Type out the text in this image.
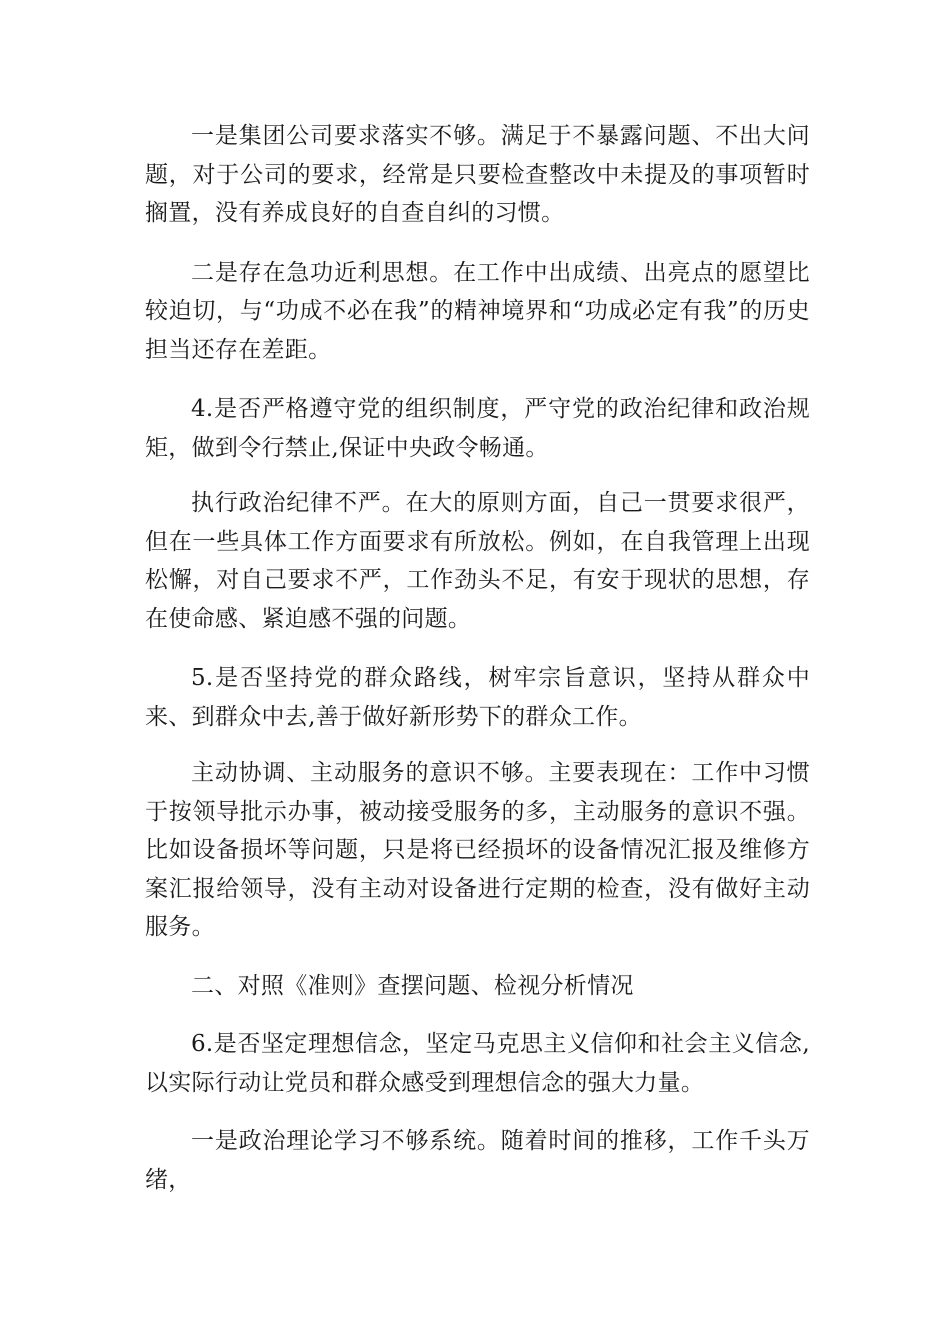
一是集团公司要求落实不够。满足于不暴露问题、不出大问题，对于公司的要求，经常是只要检查整改中未提及的事项暂时搁置，没有养成良好的自查自纠的习惯。

二是存在急功近利思想。在工作中出成绩、出亮点的愿望比较迫切，与“功成不必在我”的精神境界和“功成必定有我”的历史担当还存在差距。

4.是否严格遵守党的组织制度，严守党的政治纪律和政治规矩，做到令行禁止,保证中央政令畅通。

执行政治纪律不严。在大的原则方面，自己一贯要求很严，但在一些具体工作方面要求有所放松。例如，在自我管理上出现松懈，对自己要求不严，工作劲头不足，有安于现状的思想，存在使命感、紧迫感不强的问题。

5.是否坚持党的群众路线，树牢宗旨意识，坚持从群众中来、到群众中去,善于做好新形势下的群众工作。

主动协调、主动服务的意识不够。主要表现在：工作中习惯于按领导批示办事，被动接受服务的多，主动服务的意识不强。比如设备损坏等问题，只是将已经损坏的设备情况汇报及维修方案汇报给领导，没有主动对设备进行定期的检查，没有做好主动服务。

二、对照《准则》查摆问题、检视分析情况

6.是否坚定理想信念，坚定马克思主义信仰和社会主义信念,以实际行动让党员和群众感受到理想信念的强大力量。

一是政治理论学习不够系统。随着时间的推移，工作千头万绪，
